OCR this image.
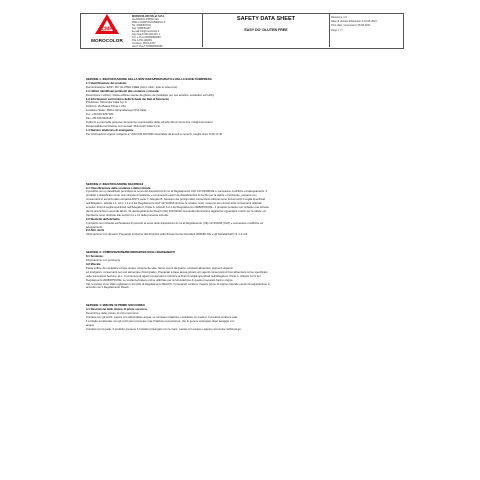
CMP
MOROCOLOR
MOROCOLOR ITALIA S.P.A.
Via BARIOL PRIMA 224
05011 CAMPOGALBIERGO F
Tel. 0485/807110
Fax. 0485/81167
E-mail:info@morocolor.it
Cap.Soc.€.000.000,00 i.v.
C.F. e P.Iva.00850990089
R.E.A.PD-128494
Cod.Ecc. PD01-0347
Vat.IT Pva.TT00850990089
SAFETY DATA SHEET
EASY DO' GLUTEN FREE
Revisione n.5
Data di revisione/Revision 0.01.06.2021
Print date / stampato il 28.06.2021
Page 1 / 7

SEZIONE 1: IDENTIFICAZIONE DELLA SOSTANZA/PREPARATO E DELLA SOCIETÀ/IMPRESA

1.1 Identificazione del prodotto

Denominazione: EASY DO' GLUTEN FREE (tutti i colori, tutte le referenze)

1.2 Utilizzi identificati pertinenti alla sostanza o miscela:

Descrizione / utilizzo: Pasta sofficeе esente da glutine da modellare per uso artistico, scolastico ed hobby.

1.3 Informazioni sul fornitore della Scheda dei Dati di Sicurezza

Produttore: Morocolor Italia S.p.A.

Indirizzo: Via Bassa Prima n.224

Località e Stato: 35011 Campodarsego (Pd) Italia

Tel.: +39 049 9207180

Fax +39 049 9200167

Indirizzo e-mail della persona competente responsabile della scheda dati di sicurezza: info@morocolor.it

Responsabile immissione sul mercato: Morocolor Italia S.p.A.

1.4 Numero telefonico di emergenza

Per informazioni urgenti rivolgersi a: UNO 049 9207180 disponibile da lunedì a venerdì, meglio orari: 8.30-17.30

SEZIONE 2: IDENTIFICAZIONE DEI RISCHI

2.1 Classificazione della sostanza o della miscela

Il prodotto non è classificato pericoloso ai sensi del disposizioni di cui al Regolamento CLP 1272/2008/CE e successive modifiche ed adeguamenti. Il

prodotto è classificato come una miscela di sostanze e componenti esenti da classificazioni di rischio per la salute e l'ambiente, pertanto con

conservanti in accordo alla normativa EN71 parte 7, Allegato B. Nessuno dei principi attivi conservanti utilizzati sono inclusi sotto il soglia specificati

nell'Allegato I, tabella 1.1, Art.1 1.2.2.2 del Regolamento CLP 1272/2008 (incluse le relative note): nessuno dei principi attivi conservanti utilizzati

eccede i limiti di soglia specificati nell'Allegato II, Parte A, Articolo 3.2.2 del Regolamento 2008/WHO/CE - il prodotto pertanto non richiede una scheda

dati di sicurezza in accordo all'Art. 31 del Regolamento Reach (CE) 1907/2006. Eventuali informazioni aggiuntive riguardanti i rischi per la salute e/o

l'ambiente sono riportate alle sezioni 11 e 12 della presente scheda.

2.2 Elementi dell'etichetta

Il prodotto non richiede etichettatura di pericolo ai sensi delle disposizioni di cui al Regolamento (CE) 1272/2008 (CLP) e successive modifiche ed

adeguamenti.

2.3 Altri rischi

Informazione non rilevanti. Preparato conforme alla Direttiva sulla Sicurezza dei Giocattoli 2009/48 /CE e gli Standard EN 71-1-2-3-8.

SEZIONE 3: COMPOSIZIONE/INFORMAZIONI SUGLI INGREDIENTI

3.1 Sostanze:

Informazione non pertinente

3.2 Miscele

Pasta soffice da modellare a base acqua, contenente sale, farine esenti da glutine, coloranti alimentari, pigmenti organici

ed inorganici, conservanti per uso alimentare (food grade). Preparato a base acqua privato con agenti conservanti di tipo alimentare come specificato

nella successiva Sezione 11.1. Il contenuto di agenti conservanti è inferiore ai limiti di soglia specificati nell'Allegato II, Parte A, Articolo 3.2.2 del

Regolamento 2008/WHO/CE. Le sostanze/materie prime utilizzate per la formulazione di questo preparato hanno origine

UE, le stesse sono state registrate in accordo al Regolamento REACH. Il preparato contiene materie prime di origine naturale esenti da registrazione in

accordo con il Regolamento Reach.

SEZIONE 4: MISURE DI PRIMO SOCCORSO

4.1 Descrizione delle misure di primo soccorso

Descrizione delle misure di primo soccorso.

Contatto con gli occhi: Lavare con abbondante acqua; se compare irritazione consultare un medico. Il prodotto contiene sale:

il contatto accidentale con gli occhi può provocare una irritazione temporanea; che in genere scompare dopo lavaggio con

acqua.

Contatto con la pelle: Il prodotto previene il contatto prolungato con le mani. Lavare con acqua e sapone al termine dell'impiego.
